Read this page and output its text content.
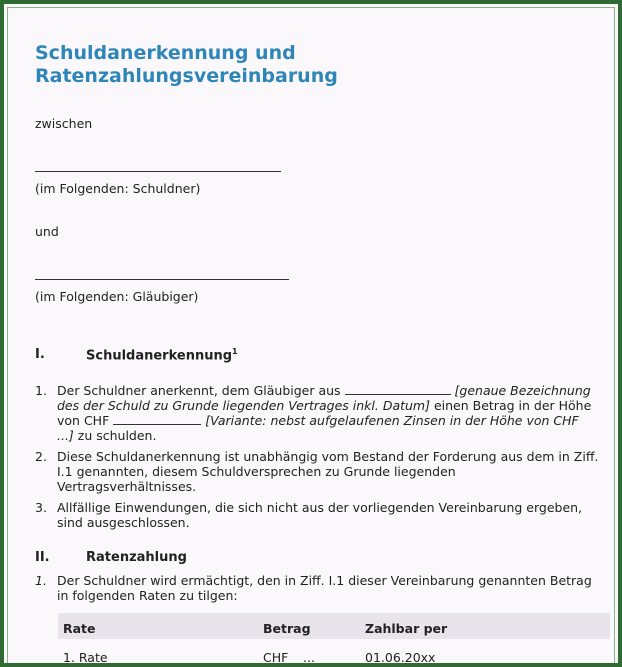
Schuldanerkennung und
Ratenzahlungsvereinbarung
zwischen
(im Folgenden: Schuldner)
und
(im Folgenden: Gläubiger)
I.	Schuldanerkennung$^1$
1. Der Schuldner anerkennt, dem Gläubiger aus	[genaue Bezeichnung
des der Schuld zu Grunde liegenden Vertrages inkl. Datum] einen Betrag in der Höhe
von CHF	[Variante: nebst aufgelaufenen Zinsen in der Höhe von CHF
...] zu schulden.
2. Diese Schuldanerkennung ist unabhängig vom Bestand der Forderung aus dem in Ziff.
I.1 genannten, diesem Schuldversprechen zu Grunde liegenden
Vertragsverhältnisses.
3. Allfällige Einwendungen, die sich nicht aus der vorliegenden Vereinbarung ergeben,
sind ausgeschlossen.
II.	Ratenzahlung
1. Der Schuldner wird ermächtigt, den in Ziff. I.1 dieser Vereinbarung genannten Betrag
in folgenden Raten zu tilgen:
Rate	Betrag	Zahlbar per
1. Rate	CHF ...	01.06.20xx
